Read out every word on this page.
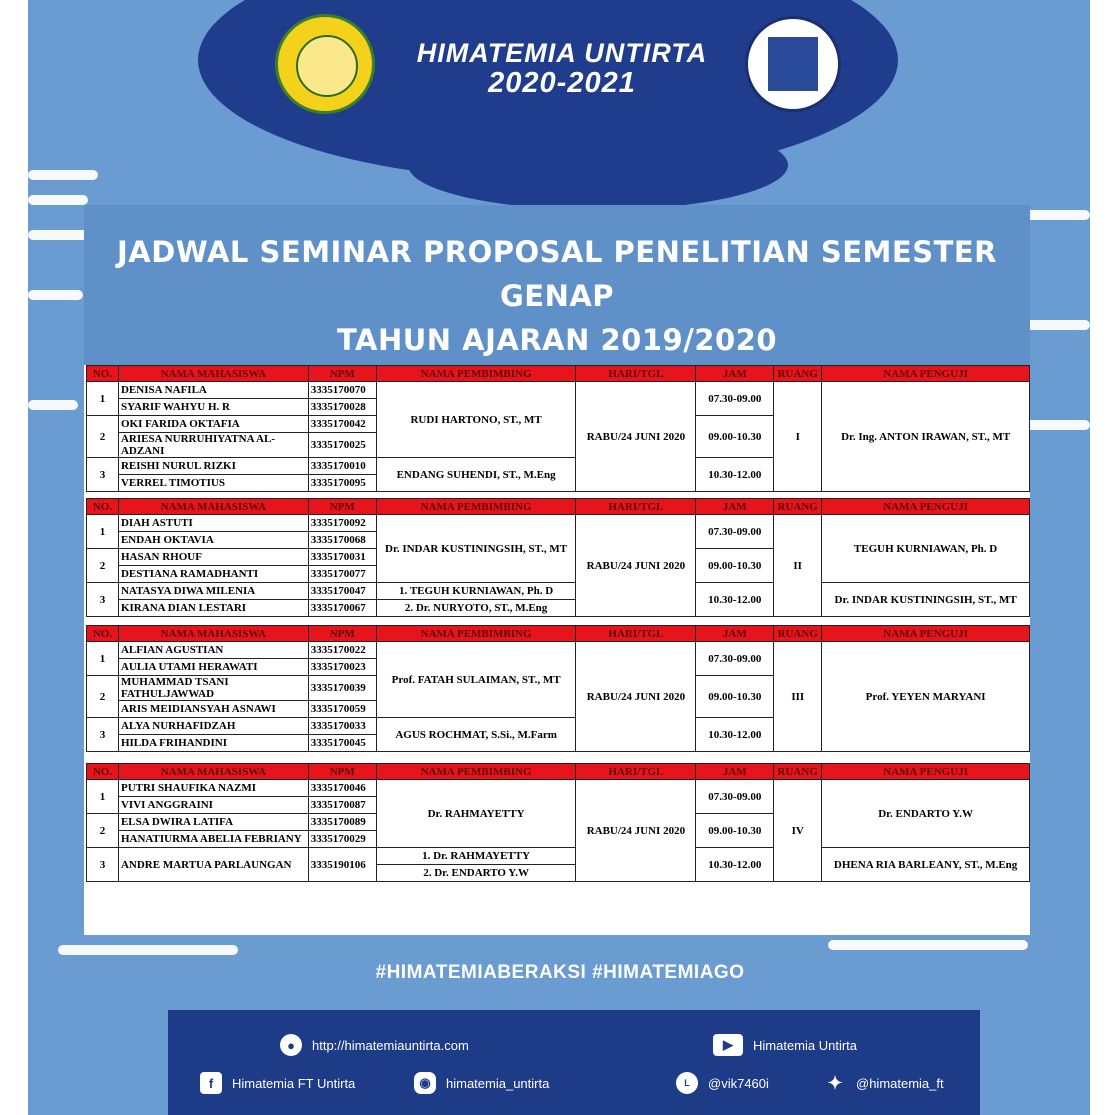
HIMATEMIA UNTIRTA
2020-2021
JADWAL SEMINAR PROPOSAL PENELITIAN SEMESTER GENAP
TAHUN AJARAN 2019/2020
NO.	NAMA MAHASISWA	NPM	NAMA PEMBIMBING	HARI/TGL	JAM	RUANG	NAMA PENGUJI
1	DENISA NAFILA	3335170070	RUDI HARTONO, ST., MT	RABU/24 JUNI 2020	07.30-09.00	I	Dr. Ing. ANTON IRAWAN, ST., MT
	SYARIF WAHYU H. R	3335170028					
2	OKI FARIDA OKTAFIA	3335170042			09.00-10.30		
	ARIESA NURRUHIYATNA AL-ADZANI	3335170025					

3	REISHI NURUL RIZKI	3335170010	ENDANG SUHENDI, ST., M.Eng		10.30-12.00		
	VERREL TIMOTIUS	3335170095					
NO.	NAMA MAHASISWA	NPM	NAMA PEMBIMBING	HARI/TGL	JAM	RUANG	NAMA PENGUJI
1	DIAH ASTUTI	3335170092	Dr. INDAR KUSTININGSIH, ST., MT	RABU/24 JUNI 2020	07.30-09.00	II	TEGUH KURNIAWAN, Ph. D
	ENDAH OKTAVIA	3335170068					
2	HASAN RHOUF	3335170031			09.00-10.30		
	DESTIANA RAMADHANTI	3335170077					
3	NATASYA DIWA MILENIA	3335170047	1. TEGUH KURNIAWAN, Ph. D		10.30-12.00		Dr. INDAR KUSTININGSIH, ST., MT
	KIRANA DIAN LESTARI	3335170067	2. Dr. NURYOTO, ST., M.Eng				
NO.	NAMA MAHASISWA	NPM	NAMA PEMBIMBING	HARI/TGL	JAM	RUANG	NAMA PENGUJI
1	ALFIAN AGUSTIAN	3335170022	Prof. FATAH SULAIMAN, ST., MT	RABU/24 JUNI 2020	07.30-09.00	III	Prof. YEYEN MARYANI
	AULIA UTAMI HERAWATI	3335170023					
2	MUHAMMAD TSANI FATHULJAWWAD	3335170039			09.00-10.30		

	ARIS MEIDIANSYAH ASNAWI	3335170059					
3	ALYA NURHAFIDZAH	3335170033	AGUS ROCHMAT, S.Si., M.Farm		10.30-12.00		
	HILDA FRIHANDINI	3335170045					
NO.	NAMA MAHASISWA	NPM	NAMA PEMBIMBING	HARI/TGL	JAM	RUANG	NAMA PENGUJI
1	PUTRI SHAUFIKA NAZMI	3335170046	Dr. RAHMAYETTY	RABU/24 JUNI 2020	07.30-09.00	IV	Dr. ENDARTO Y.W
	VIVI ANGGRAINI	3335170087					
2	ELSA DWIRA LATIFA	3335170089			09.00-10.30		
	HANATIURMA ABELIA FEBRIANY	3335170029					

3	ANDRE MARTUA PARLAUNGAN	3335190106	1. Dr. RAHMAYETTY		10.30-12.00		DHENA RIA BARLEANY, ST., M.Eng
			2. Dr. ENDARTO Y.W				
#HIMATEMIABERAKSI #HIMATEMIAGO
●	http://himatemiauntirta.com	▶	Himatemia Untirta
f	Himatemia FT Untirta	◉	himatemia_untirta	L	@vik7460i	✦ @himatemia_ft
